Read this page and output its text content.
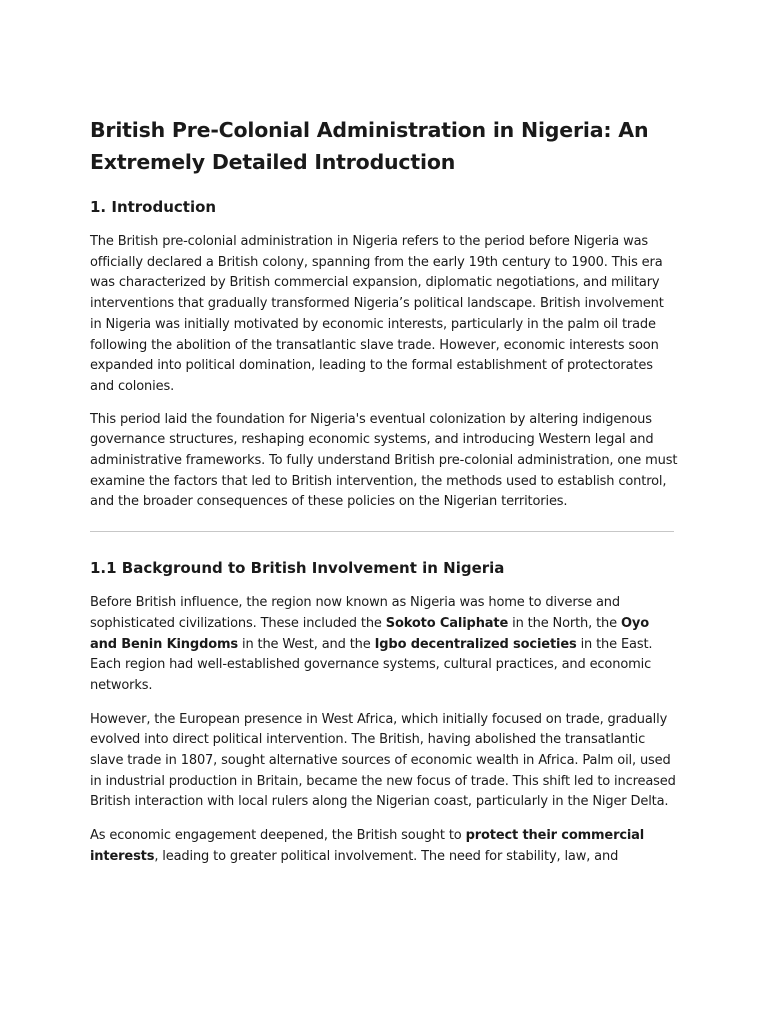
British Pre-Colonial Administration in Nigeria: An Extremely Detailed Introduction
1. Introduction

The British pre-colonial administration in Nigeria refers to the period before Nigeria was officially declared a British colony, spanning from the early 19th century to 1900. This era was characterized by British commercial expansion, diplomatic negotiations, and military interventions that gradually transformed Nigeria’s political landscape. British involvement in Nigeria was initially motivated by economic interests, particularly in the palm oil trade following the abolition of the transatlantic slave trade. However, economic interests soon expanded into political domination, leading to the formal establishment of protectorates and colonies.

This period laid the foundation for Nigeria's eventual colonization by altering indigenous governance structures, reshaping economic systems, and introducing Western legal and administrative frameworks. To fully understand British pre-colonial administration, one must examine the factors that led to British intervention, the methods used to establish control, and the broader consequences of these policies on the Nigerian territories.

1.1 Background to British Involvement in Nigeria

Before British influence, the region now known as Nigeria was home to diverse and sophisticated civilizations. These included the Sokoto Caliphate in the North, the Oyo and Benin Kingdoms in the West, and the Igbo decentralized societies in the East. Each region had well-established governance systems, cultural practices, and economic networks.

However, the European presence in West Africa, which initially focused on trade, gradually evolved into direct political intervention. The British, having abolished the transatlantic slave trade in 1807, sought alternative sources of economic wealth in Africa. Palm oil, used in industrial production in Britain, became the new focus of trade. This shift led to increased British interaction with local rulers along the Nigerian coast, particularly in the Niger Delta.

As economic engagement deepened, the British sought to protect their commercial interests, leading to greater political involvement. The need for stability, law, and
